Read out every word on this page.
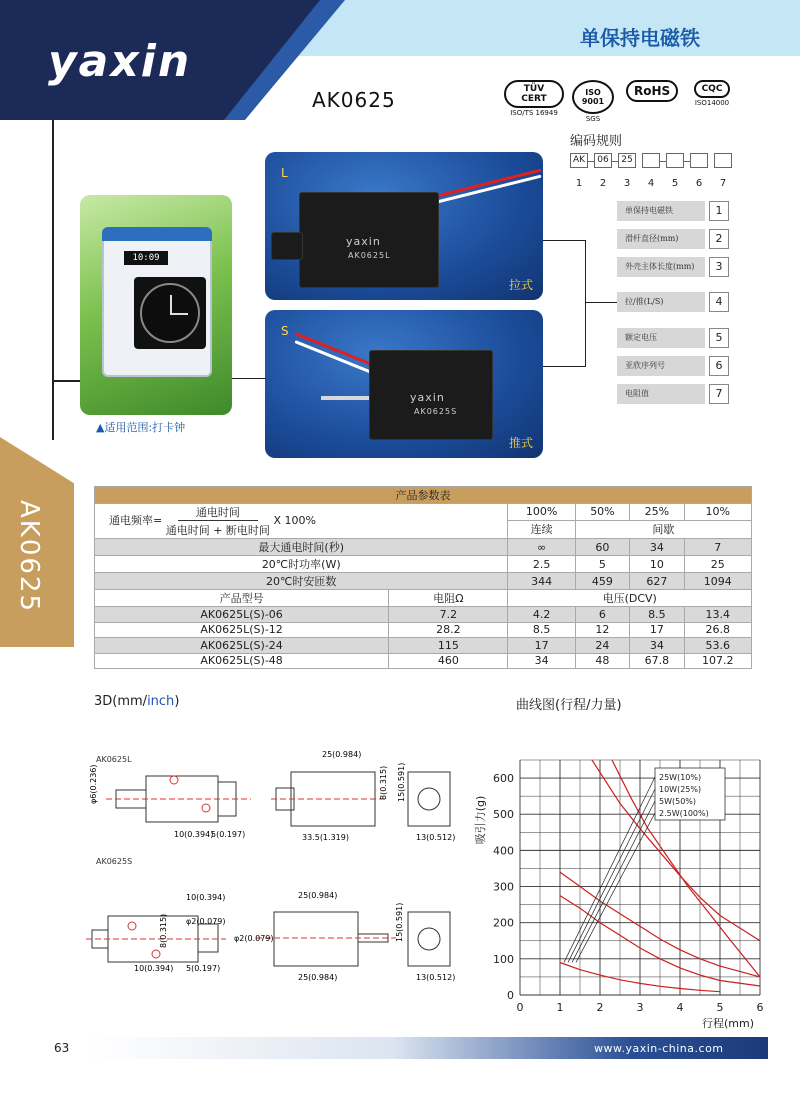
yaxin	单保持电磁铁
AK0625	TÜV CERT
ISO/TS 16949
ISO 9001
SGS
RoHS	CQC
ISO14000
AK0625
10:09
▲适用范围:打卡钟
L
拉式
yaxin
AK0625L
S
推式
yaxin
AK0625S
编码规则
AK	06	25
1	2	3	4	5	6	7
单保持电磁铁	1
滑杆直径(mm)	2
外壳主体长度(mm)	3
拉/推(L/S)	4
额定电压	5
亚欣序列号	6
电阻值	7
产品参数表					
通电频率=
通电时间
通电时间 + 断电时间 X 100%		100%	50%	25%	10%
		连续	间歇		
最大通电时间(秒)		∞	60	34	7
20℃时功率(W)		2.5	5	10	25
20℃时安匝数		344	459	627	1094
产品型号	电阻Ω	电压(DCV)			
AK0625L(S)-06	7.2	4.2	6	8.5	13.4
AK0625L(S)-12	28.2	8.5	12	17	26.8
AK0625L(S)-24	115	17	24	34	53.6
AK0625L(S)-48	460	34	48	67.8	107.2
3D(mm/inch)
AK0625L
φ6(0.236)
10(0.394)
5(0.197)
25(0.984)
8(0.315)
33.5(1.319)
15(0.591)
13(0.512)
AK0625S
10(0.394)
φ2(0.079)
8(0.315)
10(0.394) 5(0.197)
25(0.984)
φ2(0.079)
25(0.984)
15(0.591)
13(0.512)
曲线图(行程/力量)
0	1	2	3	4	5	6
0
100
200
300
400
500
600
行程(mm)
吸引力(g)
25W(10%)
10W(25%)
5W(50%)
2.5W(100%)
63	www.yaxin-china.com
